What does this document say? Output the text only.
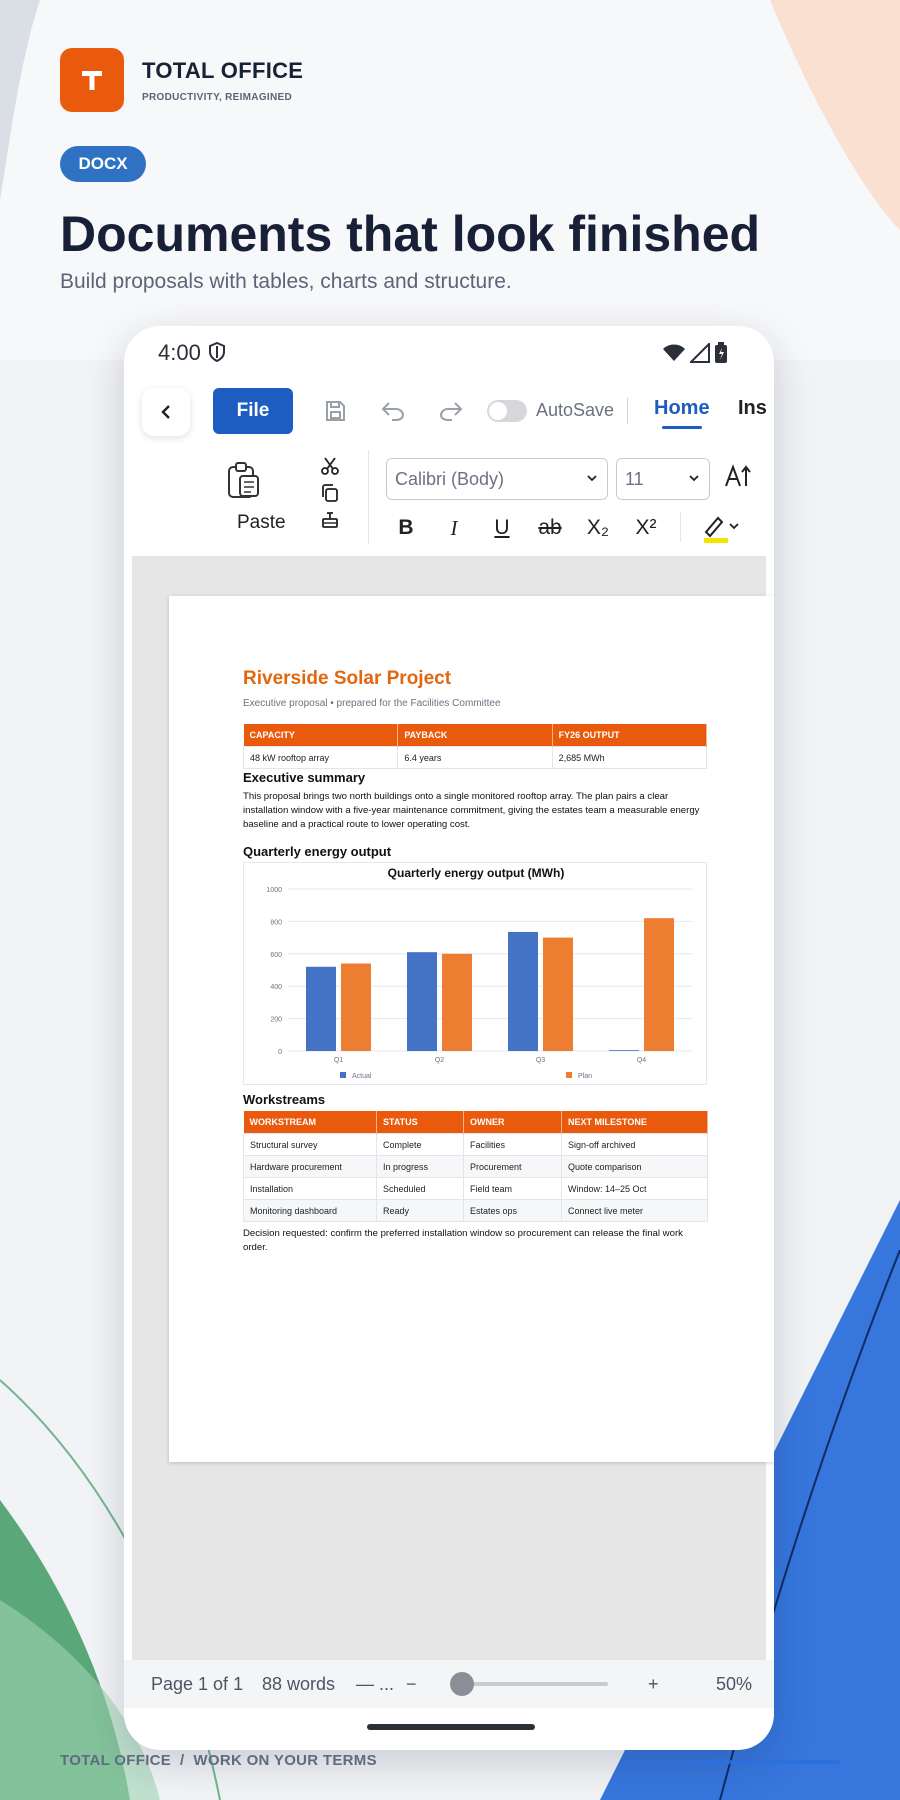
TOTAL OFFICE
PRODUCTIVITY, REIMAGINED
DOCX
Documents that look finished
Build proposals with tables, charts and structure.
4:00
File	AutoSave Home Ins
Paste
Calibri (Body)	11
B	I	U	ab	X₂	X²
Riverside Solar Project
Executive proposal • prepared for the Facilities Committee
CAPACITY	PAYBACK	FY26 OUTPUT
48 kW rooftop array	6.4 years	2,685 MWh
Executive summary
This proposal brings two north buildings onto a single monitored rooftop array. The plan pairs a clear installation window with a five-year maintenance commitment, giving the estates team a measurable energy baseline and a practical route to lower operating cost.
Quarterly energy output
Quarterly energy output (MWh)
0
200
400
600
800
1000
Q1	Q2	Q3	Q4
Actual	Plan
Workstreams
WORKSTREAM	STATUS	OWNER	NEXT MILESTONE
Structural survey	Complete	Facilities	Sign-off archived
Hardware procurement	In progress	Procurement	Quote comparison
Installation	Scheduled	Field team	Window: 14–25 Oct
Monitoring dashboard	Ready	Estates ops	Connect live meter
Decision requested: confirm the preferred installation window so procurement can release the final work order.
Page 1 of 1 88 words — ... −	+	50%
TOTAL OFFICE  /  WORK ON YOUR TERMS
